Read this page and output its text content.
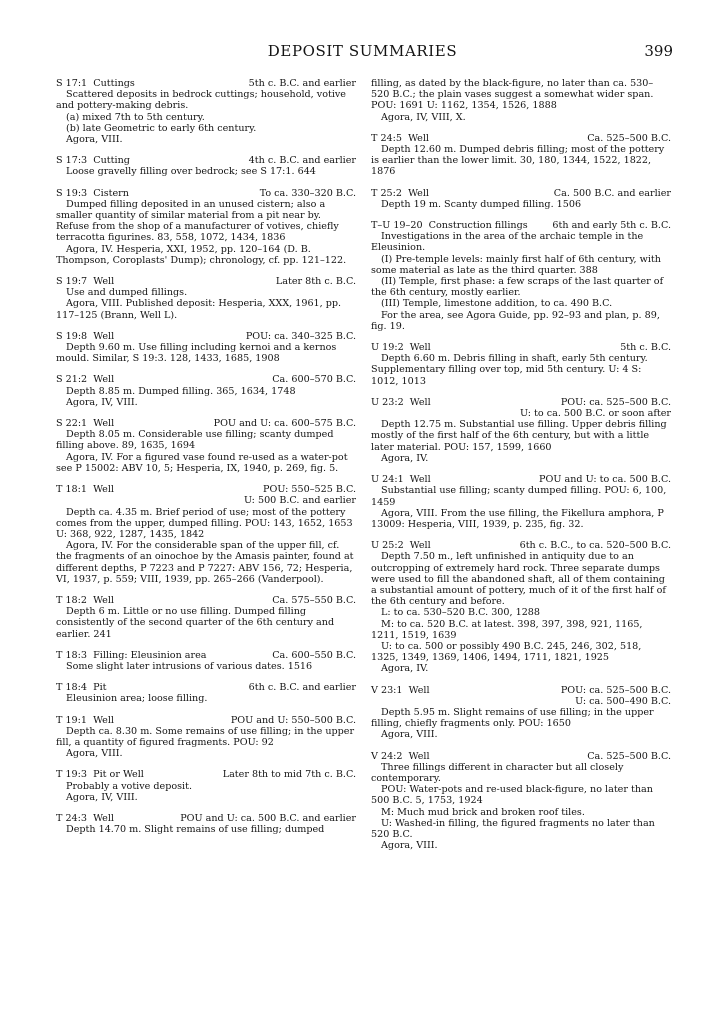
DEPOSIT SUMMARIES	399
S 17:1 Cuttings	5th c. B.C. and earlier

Scattered deposits in bedrock cuttings; household, votive and pottery-making debris.

(a) mixed 7th to 5th century.

(b) late Geometric to early 6th century.

Agora, VIII.

S 17:3 Cutting	4th c. B.C. and earlier

Loose gravelly filling over bedrock; see S 17:1. 644

S 19:3 Cistern	To ca. 330–320 B.C.

Dumped filling deposited in an unused cistern; also a smaller quantity of similar material from a pit near by. Refuse from the shop of a manufacturer of votives, chiefly terracotta figurines. 83, 558, 1072, 1434, 1836

Agora, IV. Hesperia, XXI, 1952, pp. 120–164 (D. B. Thompson, Coroplasts' Dump); chronology, cf. pp. 121–122.

S 19:7 Well	Later 8th c. B.C.

Use and dumped fillings.

Agora, VIII. Published deposit: Hesperia, XXX, 1961, pp. 117–125 (Brann, Well L).

S 19:8 Well	POU: ca. 340–325 B.C.

Depth 9.60 m. Use filling including kernoi and a kernos mould. Similar, S 19:3. 128, 1433, 1685, 1908

S 21:2 Well	Ca. 600–570 B.C.

Depth 8.85 m. Dumped filling. 365, 1634, 1748

Agora, IV, VIII.

S 22:1 Well	POU and U: ca. 600–575 B.C.

Depth 8.05 m. Considerable use filling; scanty dumped filling above. 89, 1635, 1694

Agora, IV. For a figured vase found re-used as a water-pot see P 15002: ABV 10, 5; Hesperia, IX, 1940, p. 269, fig. 5.

T 18:1 Well	POU: 550–525 B.C.
U: 500 B.C. and earlier

Depth ca. 4.35 m. Brief period of use; most of the pottery comes from the upper, dumped filling. POU: 143, 1652, 1653 U: 368, 922, 1287, 1435, 1842

Agora, IV. For the considerable span of the upper fill, cf. the fragments of an oinochoe by the Amasis painter, found at different depths, P 7223 and P 7227: ABV 156, 72; Hesperia, VI, 1937, p. 559; VIII, 1939, pp. 265–266 (Vanderpool).

T 18:2 Well	Ca. 575–550 B.C.

Depth 6 m. Little or no use filling. Dumped filling consistently of the second quarter of the 6th century and earlier. 241

T 18:3 Filling: Eleusinion area	Ca. 600–550 B.C.

Some slight later intrusions of various dates. 1516

T 18:4 Pit	6th c. B.C. and earlier

Eleusinion area; loose filling.

T 19:1 Well	POU and U: 550–500 B.C.

Depth ca. 8.30 m. Some remains of use filling; in the upper fill, a quantity of figured fragments. POU: 92

Agora, VIII.

T 19:3 Pit or Well	Later 8th to mid 7th c. B.C.

Probably a votive deposit.

Agora, IV, VIII.

T 24:3 Well	POU and U: ca. 500 B.C. and earlier

Depth 14.70 m. Slight remains of use filling; dumped

filling, as dated by the black-figure, no later than ca. 530–520 B.C.; the plain vases suggest a somewhat wider span. POU: 1691 U: 1162, 1354, 1526, 1888

Agora, IV, VIII, X.

T 24:5 Well	Ca. 525–500 B.C.

Depth 12.60 m. Dumped debris filling; most of the pottery is earlier than the lower limit. 30, 180, 1344, 1522, 1822, 1876

T 25:2 Well	Ca. 500 B.C. and earlier

Depth 19 m. Scanty dumped filling. 1506

T–U 19–20 Construction fillings	6th and early 5th c. B.C.

Investigations in the area of the archaic temple in the Eleusinion.

(I) Pre-temple levels: mainly first half of 6th century, with some material as late as the third quarter. 388

(II) Temple, first phase: a few scraps of the last quarter of the 6th century, mostly earlier.

(III) Temple, limestone addition, to ca. 490 B.C.

For the area, see Agora Guide, pp. 92–93 and plan, p. 89, fig. 19.

U 19:2 Well	5th c. B.C.

Depth 6.60 m. Debris filling in shaft, early 5th century. Supplementary filling over top, mid 5th century. U: 4 S: 1012, 1013

U 23:2 Well	POU: ca. 525–500 B.C.
U: to ca. 500 B.C. or soon after

Depth 12.75 m. Substantial use filling. Upper debris filling mostly of the first half of the 6th century, but with a little later material. POU: 157, 1599, 1660

Agora, IV.

U 24:1 Well	POU and U: to ca. 500 B.C.

Substantial use filling; scanty dumped filling. POU: 6, 100, 1459

Agora, VIII. From the use filling, the Fikellura amphora, P 13009: Hesperia, VIII, 1939, p. 235, fig. 32.

U 25:2 Well	6th c. B.C., to ca. 520–500 B.C.

Depth 7.50 m., left unfinished in antiquity due to an outcropping of extremely hard rock. Three separate dumps were used to fill the abandoned shaft, all of them containing a substantial amount of pottery, much of it of the first half of the 6th century and before.

L: to ca. 530–520 B.C. 300, 1288

M: to ca. 520 B.C. at latest. 398, 397, 398, 921, 1165, 1211, 1519, 1639

U: to ca. 500 or possibly 490 B.C. 245, 246, 302, 518, 1325, 1349, 1369, 1406, 1494, 1711, 1821, 1925

Agora, IV.

V 23:1 Well	POU: ca. 525–500 B.C.
U: ca. 500–490 B.C.

Depth 5.95 m. Slight remains of use filling; in the upper filling, chiefly fragments only. POU: 1650

Agora, VIII.

V 24:2 Well	Ca. 525–500 B.C.

Three fillings different in character but all closely contemporary.

POU: Water-pots and re-used black-figure, no later than 500 B.C. 5, 1753, 1924

M: Much mud brick and broken roof tiles.

U: Washed-in filling, the figured fragments no later than 520 B.C.

Agora, VIII.
